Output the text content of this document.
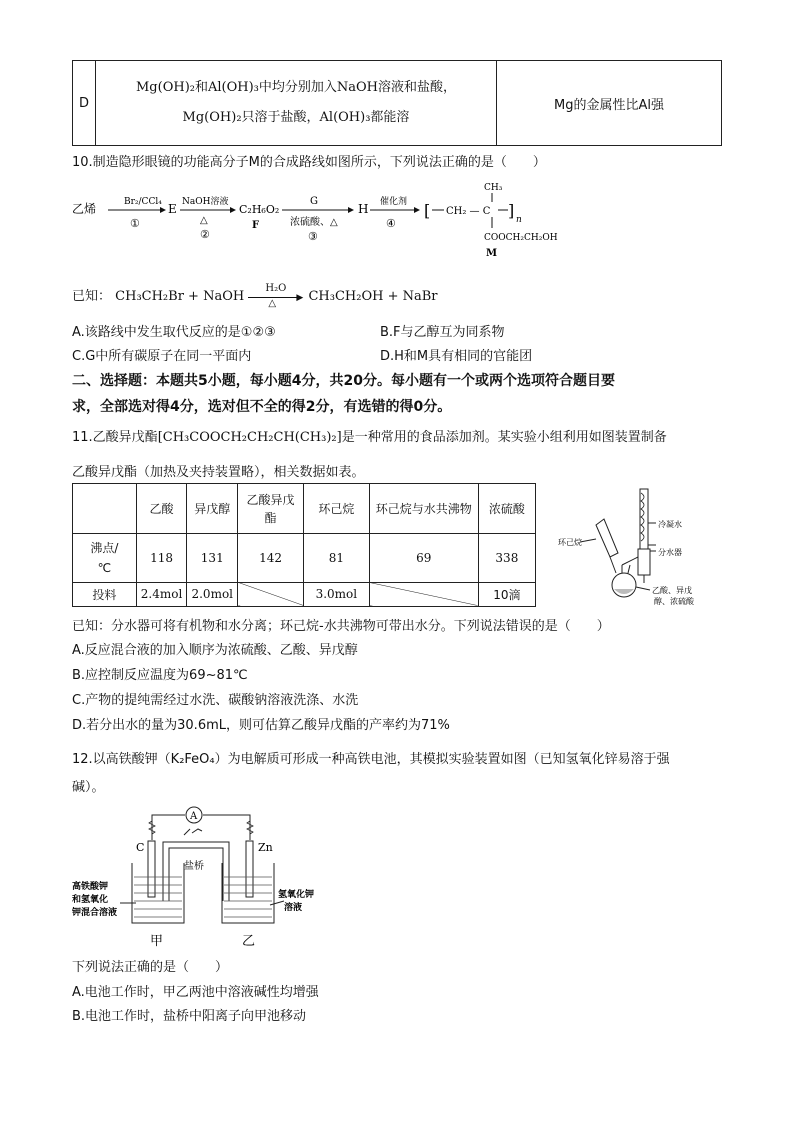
D	
Mg(OH)₂和Al(OH)₃中均分别加入NaOH溶液和盐酸，
Mg(OH)₂只溶于盐酸，Al(OH)₃都能溶
	Mg的金属性比Al强
10.制造隐形眼镜的功能高分子M的合成路线如图所示，下列说法正确的是（　　）
乙烯	Br₂/CCl₄
①
E NaOH溶液
△
②
C₂H₆O₂
F
G
浓硫酸、△
③
H 催化剂
④
[
CH₃
CH₂ — C ] n
COOCH₂CH₂OH
M
已知： CH₃CH₂Br + NaOH
H₂O
▶
△ CH₃CH₂OH + NaBr
A.该路线中发生取代反应的是①②③	B.F与乙醇互为同系物
C.G中所有碳原子在同一平面内	D.H和M具有相同的官能团
二、选择题：本题共5小题，每小题4分，共20分。每小题有一个或两个选项符合题目要
求，全部选对得4分，选对但不全的得2分，有选错的得0分。
11.乙酸异戊酯[CH₃COOCH₂CH₂CH(CH₃)₂]是一种常用的食品添加剂。某实验小组利用如图装置制备
乙酸异戊酯（加热及夹持装置略），相关数据如表。
	乙酸	异戊醇	乙酸异戊酯	环己烷	环己烷与水共沸物	浓硫酸
沸点/℃	118	131	142	81	69	338
投料	2.4mol	2.0mol		3.0mol		10滴
冷凝水
分水器
环己烷
乙酸、异戊
醇、浓硫酸
已知：分水器可将有机物和水分离；环己烷-水共沸物可带出水分。下列说法错误的是（　　）
A.反应混合液的加入顺序为浓硫酸、乙酸、异戊醇
B.应控制反应温度为69~81℃
C.产物的提纯需经过水洗、碳酸钠溶液洗涤、水洗
D.若分出水的量为30.6mL，则可估算乙酸异戊酯的产率约为71%
12.以高铁酸钾（K₂FeO₄）为电解质可形成一种高铁电池，其模拟实验装置如图（已知氢氧化锌易溶于强
碱）。
A
C	Zn
盐桥
高铁酸钾
和氢氧化
钾混合溶液
氢氧化钾
溶液
甲	乙
下列说法正确的是（　　）
A.电池工作时，甲乙两池中溶液碱性均增强
B.电池工作时，盐桥中阳离子向甲池移动
